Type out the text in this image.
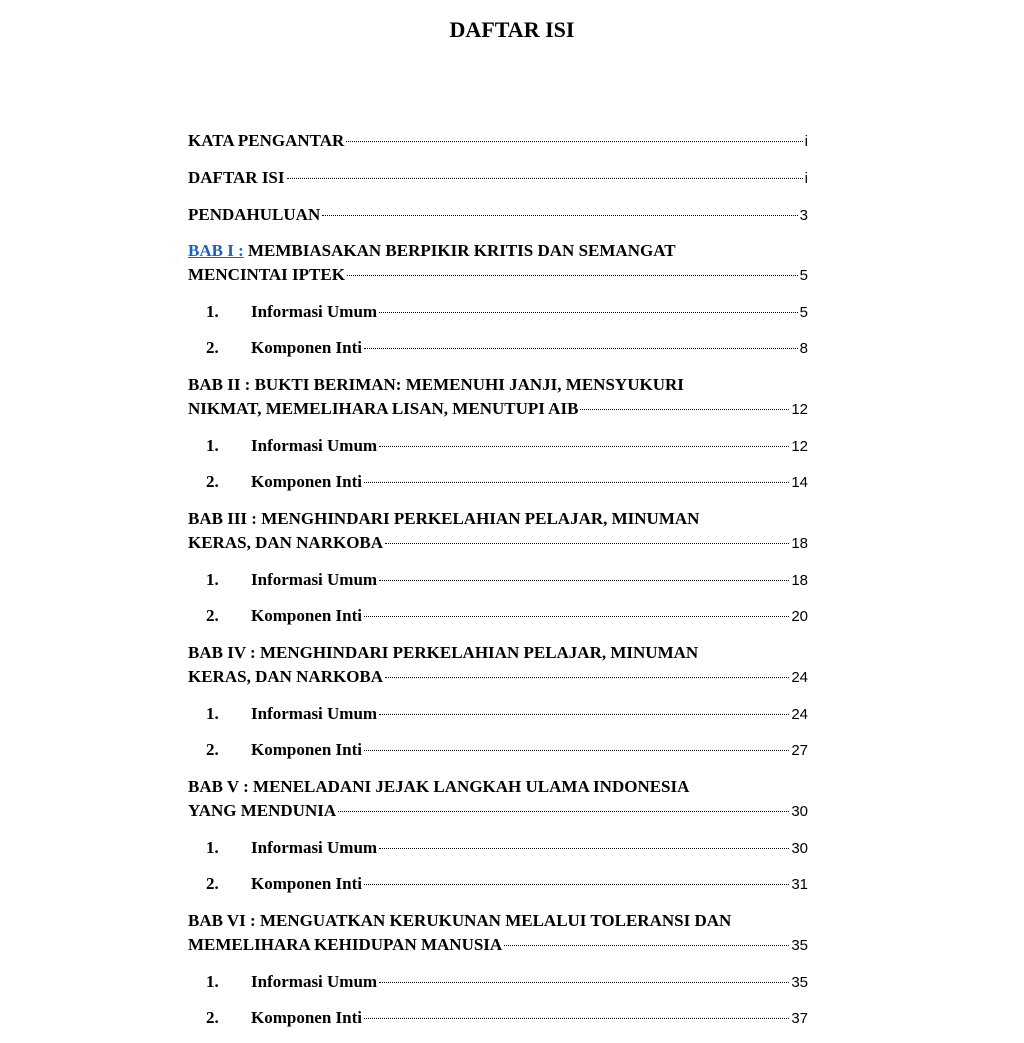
DAFTAR ISI
KATA PENGANTAR	i
DAFTAR ISI	i
PENDAHULUAN	3
BAB I : MEMBIASAKAN BERPIKIR KRITIS DAN SEMANGAT
MENCINTAI IPTEK	5
1. Informasi Umum	5
2. Komponen Inti	8
BAB II : BUKTI BERIMAN: MEMENUHI JANJI, MENSYUKURI
NIKMAT, MEMELIHARA LISAN, MENUTUPI AIB	12
1. Informasi Umum	12
2. Komponen Inti	14
BAB III : MENGHINDARI PERKELAHIAN PELAJAR, MINUMAN
KERAS, DAN NARKOBA	18
1. Informasi Umum	18
2. Komponen Inti	20
BAB IV : MENGHINDARI PERKELAHIAN PELAJAR, MINUMAN
KERAS, DAN NARKOBA	24
1. Informasi Umum	24
2. Komponen Inti	27
BAB V : MENELADANI JEJAK LANGKAH ULAMA INDONESIA
YANG MENDUNIA	30
1. Informasi Umum	30
2. Komponen Inti	31
BAB VI : MENGUATKAN KERUKUNAN MELALUI TOLERANSI DAN
MEMELIHARA KEHIDUPAN MANUSIA	35
1. Informasi Umum	35
2. Komponen Inti	37
